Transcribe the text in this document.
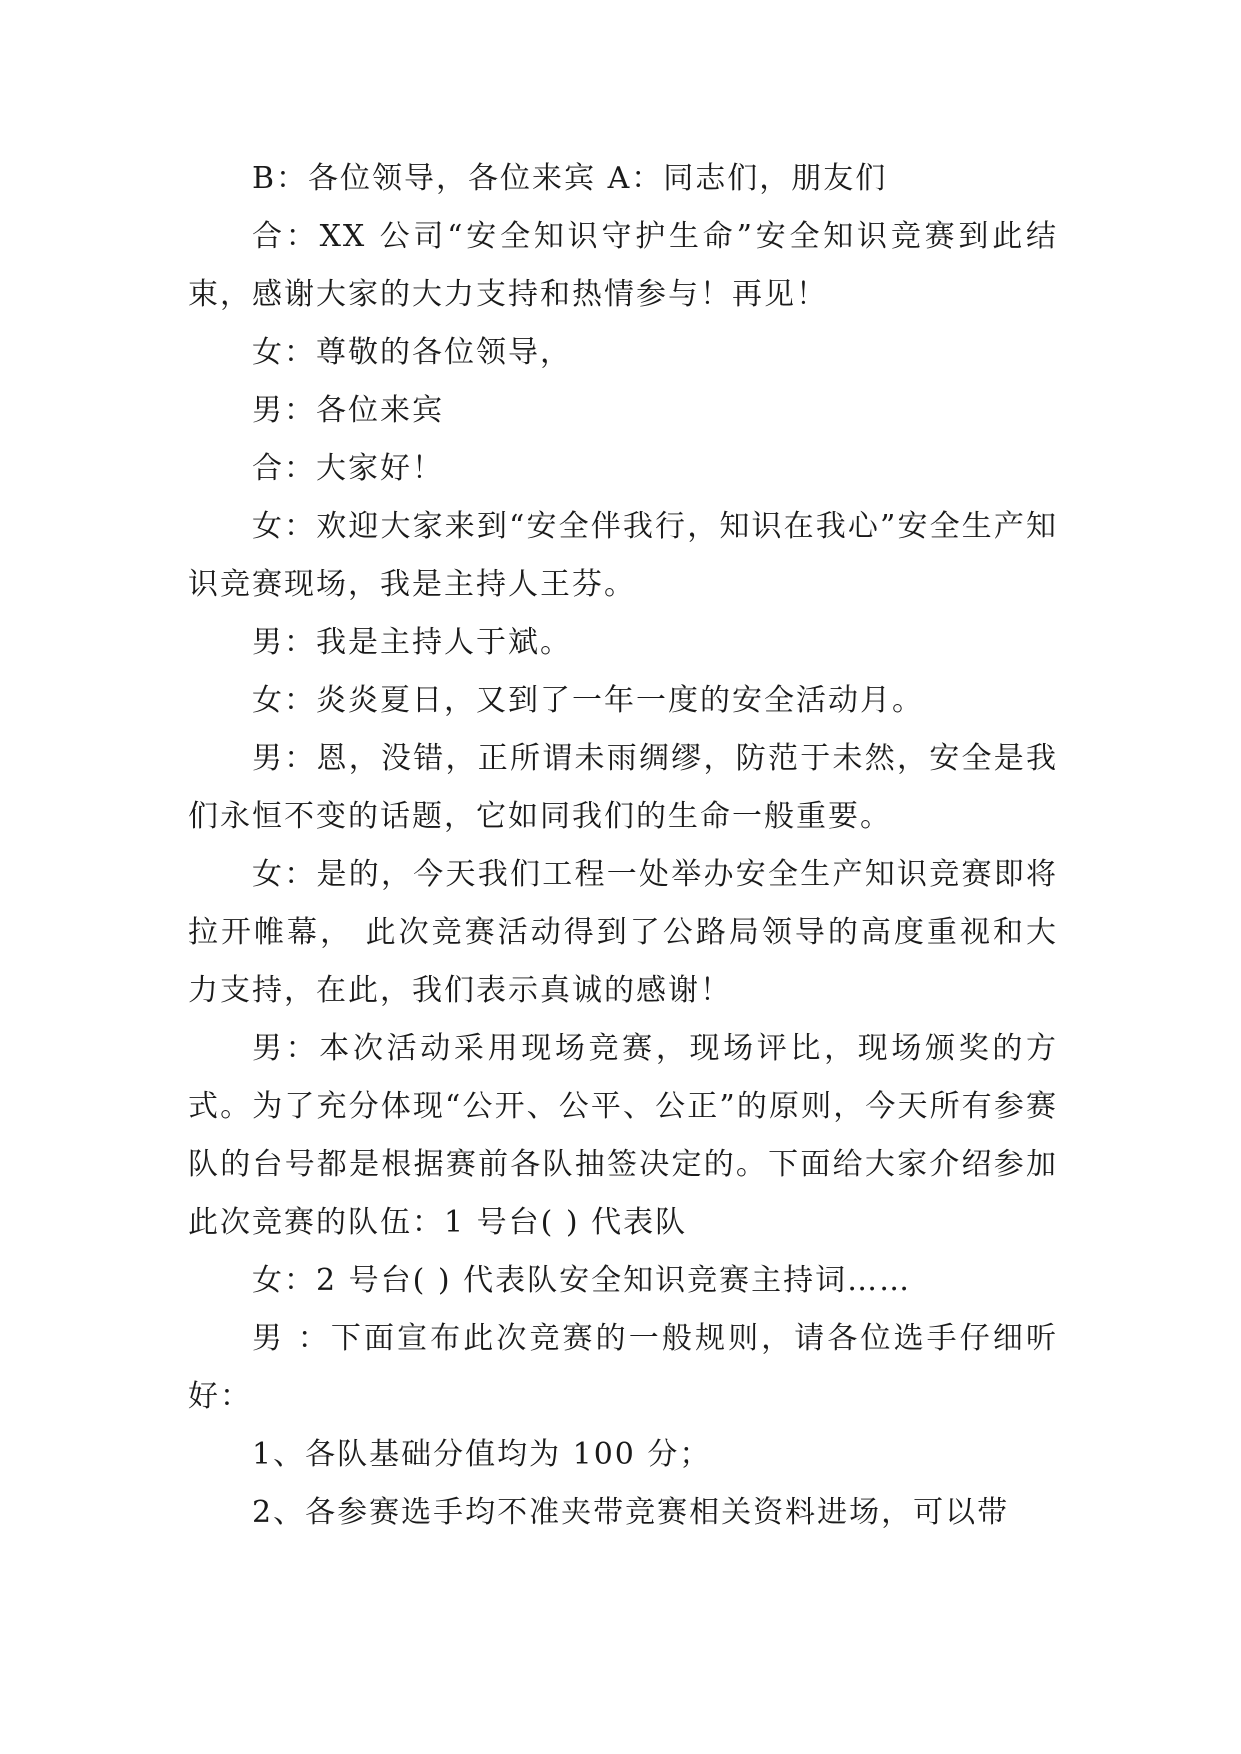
B：各位领导，各位来宾 A：同志们，朋友们

合：XX 公司“安全知识守护生命”安全知识竞赛到此结束，感谢大家的大力支持和热情参与！再见！

女：尊敬的各位领导，

男：各位来宾

合：大家好！

女：欢迎大家来到“安全伴我行，知识在我心”安全生产知识竞赛现场，我是主持人王芬。

男：我是主持人于斌。

女：炎炎夏日，又到了一年一度的安全活动月。

男：恩，没错，正所谓未雨绸缪，防范于未然，安全是我们永恒不变的话题，它如同我们的生命一般重要。

女：是的，今天我们工程一处举办安全生产知识竞赛即将拉开帷幕， 此次竞赛活动得到了公路局领导的高度重视和大力支持，在此，我们表示真诚的感谢！

男：本次活动采用现场竞赛，现场评比，现场颁奖的方式。为了充分体现“公开、公平、公正”的原则，今天所有参赛队的台号都是根据赛前各队抽签决定的。下面给大家介绍参加此次竞赛的队伍：1 号台( ) 代表队

女：2 号台( ) 代表队安全知识竞赛主持词……

男 ：下面宣布此次竞赛的一般规则，请各位选手仔细听好：

1、各队基础分值均为 100 分；

2、各参赛选手均不准夹带竞赛相关资料进场，可以带
